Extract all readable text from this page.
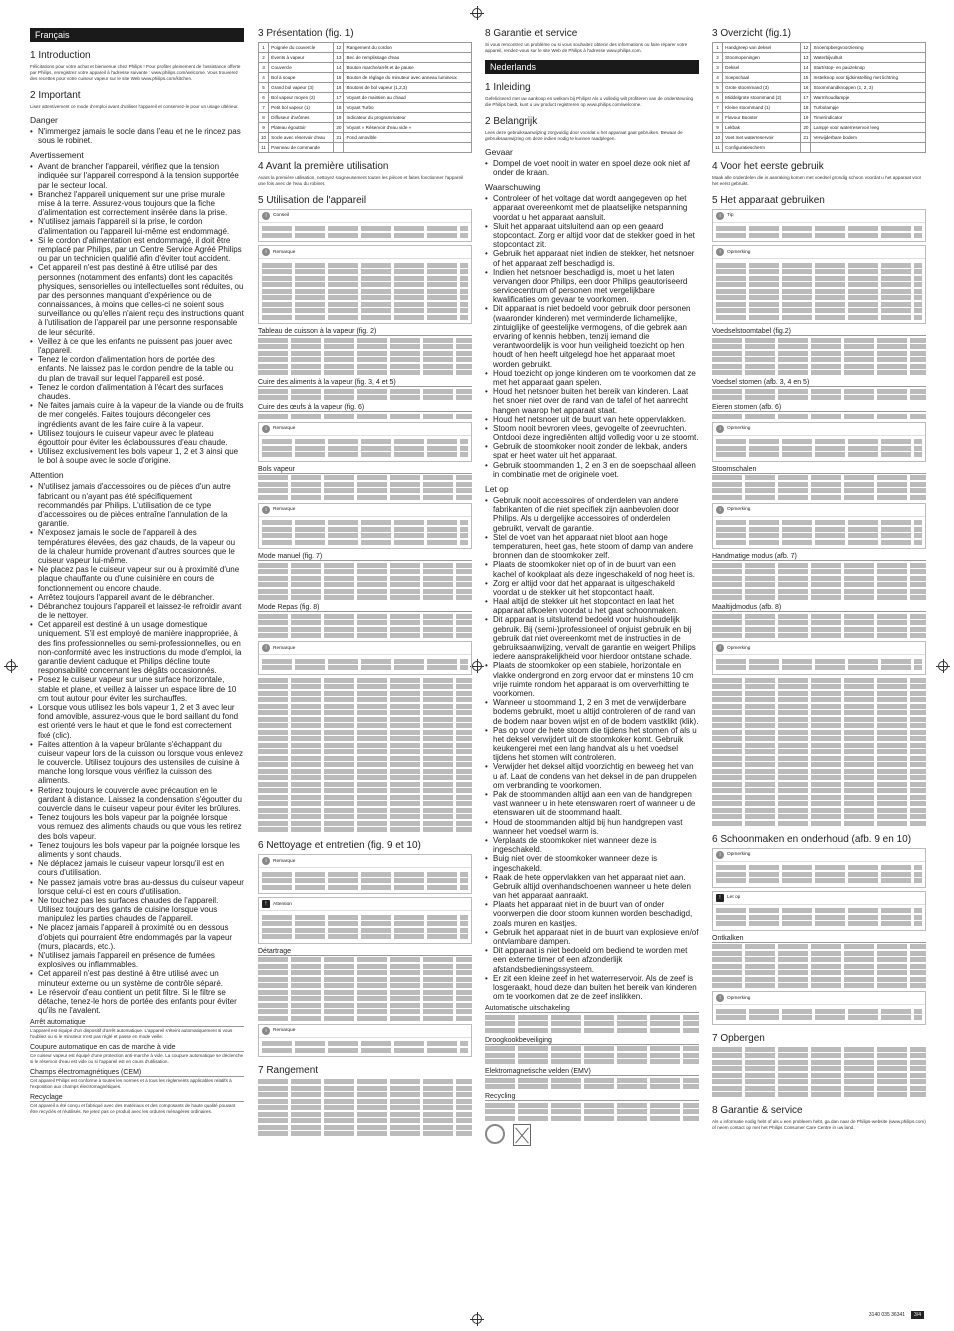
Français
1 Introduction

Félicitations pour votre achat et bienvenue chez Philips ! Pour profiter pleinement de l'assistance offerte par Philips, enregistrez votre appareil à l'adresse suivante : www.philips.com/welcome. Vous trouverez des recettes pour votre cuiseur vapeur sur le site Web www.philips.com/kitchen.

2 Important

Lisez attentivement ce mode d'emploi avant d'utiliser l'appareil et conservez-le pour un usage ultérieur.

Danger
• N'immergez jamais le socle dans l'eau et ne le rincez pas sous le robinet.
Avertissement
• Avant de brancher l'appareil, vérifiez que la tension indiquée sur l'appareil correspond à la tension supportée par le secteur local.
• Branchez l'appareil uniquement sur une prise murale mise à la terre. Assurez-vous toujours que la fiche d'alimentation est correctement insérée dans la prise.
• N'utilisez jamais l'appareil si la prise, le cordon d'alimentation ou l'appareil lui-même est endommagé.
• Si le cordon d'alimentation est endommagé, il doit être remplacé par Philips, par un Centre Service Agréé Philips ou par un technicien qualifié afin d'éviter tout accident.
• Cet appareil n'est pas destiné à être utilisé par des personnes (notamment des enfants) dont les capacités physiques, sensorielles ou intellectuelles sont réduites, ou par des personnes manquant d'expérience ou de connaissances, à moins que celles-ci ne soient sous surveillance ou qu'elles n'aient reçu des instructions quant à l'utilisation de l'appareil par une personne responsable de leur sécurité.
• Veillez à ce que les enfants ne puissent pas jouer avec l'appareil.
• Tenez le cordon d'alimentation hors de portée des enfants. Ne laissez pas le cordon pendre de la table ou du plan de travail sur lequel l'appareil est posé.
• Tenez le cordon d'alimentation à l'écart des surfaces chaudes.
• Ne faites jamais cuire à la vapeur de la viande ou de fruits de mer congelés. Faites toujours décongeler ces ingrédients avant de les faire cuire à la vapeur.
• Utilisez toujours le cuiseur vapeur avec le plateau égouttoir pour éviter les éclaboussures d'eau chaude.
• Utilisez exclusivement les bols vapeur 1, 2 et 3 ainsi que le bol à soupe avec le socle d'origine.
Attention
• N'utilisez jamais d'accessoires ou de pièces d'un autre fabricant ou n'ayant pas été spécifiquement recommandés par Philips. L'utilisation de ce type d'accessoires ou de pièces entraîne l'annulation de la garantie.
• N'exposez jamais le socle de l'appareil à des températures élevées, des gaz chauds, de la vapeur ou de la chaleur humide provenant d'autres sources que le cuiseur vapeur lui-même.
• Ne placez pas le cuiseur vapeur sur ou à proximité d'une plaque chauffante ou d'une cuisinière en cours de fonctionnement ou encore chaude.
• Arrêtez toujours l'appareil avant de le débrancher.
• Débranchez toujours l'appareil et laissez-le refroidir avant de le nettoyer.
• Cet appareil est destiné à un usage domestique uniquement. S'il est employé de manière inappropriée, à des fins professionnelles ou semi-professionnelles, ou en non-conformité avec les instructions du mode d'emploi, la garantie devient caduque et Philips décline toute responsabilité concernant les dégâts occasionnés.
• Posez le cuiseur vapeur sur une surface horizontale, stable et plane, et veillez à laisser un espace libre de 10 cm tout autour pour éviter les surchauffes.
• Lorsque vous utilisez les bols vapeur 1, 2 et 3 avec leur fond amovible, assurez-vous que le bord saillant du fond est orienté vers le haut et que le fond est correctement fixé (clic).
• Faites attention à la vapeur brûlante s'échappant du cuiseur vapeur lors de la cuisson ou lorsque vous enlevez le couvercle. Utilisez toujours des ustensiles de cuisine à manche long lorsque vous vérifiez la cuisson des aliments.
• Retirez toujours le couvercle avec précaution en le gardant à distance. Laissez la condensation s'égoutter du couvercle dans le cuiseur vapeur pour éviter les brûlures.
• Tenez toujours les bols vapeur par la poignée lorsque vous remuez des aliments chauds ou que vous les retirez des bols vapeur.
• Tenez toujours les bols vapeur par la poignée lorsque les aliments y sont chauds.
• Ne déplacez jamais le cuiseur vapeur lorsqu'il est en cours d'utilisation.
• Ne passez jamais votre bras au-dessus du cuiseur vapeur lorsque celui-ci est en cours d'utilisation.
• Ne touchez pas les surfaces chaudes de l'appareil. Utilisez toujours des gants de cuisine lorsque vous manipulez les parties chaudes de l'appareil.
• Ne placez jamais l'appareil à proximité ou en dessous d'objets qui pourraient être endommagés par la vapeur (murs, placards, etc.).
• N'utilisez jamais l'appareil en présence de fumées explosives ou inflammables.
• Cet appareil n'est pas destiné à être utilisé avec un minuteur externe ou un système de contrôle séparé.
• Le réservoir d'eau contient un petit filtre. Si le filtre se détache, tenez-le hors de portée des enfants pour éviter qu'ils ne l'avalent.
Arrêt automatique

L'appareil est équipé d'un dispositif d'arrêt automatique. L'appareil s'éteint automatiquement si vous l'oubliez ou si le minuteur n'est pas réglé et passe en mode veille.

Coupure automatique en cas de marche à vide

Ce cuiseur vapeur est équipé d'une protection anti-marche à vide. La coupure automatique se déclenche si le réservoir d'eau est vide ou si l'appareil est en cours d'utilisation.

Champs électromagnétiques (CEM)

Cet appareil Philips est conforme à toutes les normes et à tous les règlements applicables relatifs à l'exposition aux champs électromagnétiques.

Recyclage

Cet appareil a été conçu et fabriqué avec des matériaux et des composants de haute qualité pouvant être recyclés et réutilisés. Ne jetez pas ce produit avec les ordures ménagères ordinaires.

3 Présentation (fig. 1)
1	Poignée du couvercle	12	Rangement du cordon
2	Évents à vapeur	13	Bec de remplissage d'eau
3	Couvercle	14	Bouton marche/arrêt et de pause
4	Bol à soupe	15	Bouton de réglage du minuteur avec anneau lumineux
5	Grand bol vapeur (3)	16	Boutons de bol vapeur (1,2,3)
6	Bol vapeur moyen (2)	17	Voyant de maintien au chaud
7	Petit bol vapeur (1)	18	Voyant Turbo
8	Diffuseur d'arômes	19	Indicateur du programmateur
9	Plateau égouttoir	20	Voyant « Réservoir d'eau vide »
10	Socle avec réservoir d'eau	21	Fond amovible
11	Panneau de commande		
4 Avant la première utilisation

Avant la première utilisation, nettoyez soigneusement toutes les pièces et faites fonctionner l'appareil une fois avec de l'eau du robinet.

5 Utilisation de l'appareil
i	Conseil
i	Remarque
Tableau de cuisson à la vapeur (fig. 2)
Cuire des aliments à la vapeur (fig. 3, 4 et 5)
Cuire des œufs à la vapeur (fig. 6)
i	Remarque
Bols vapeur
i	Remarque
Mode manuel (fig. 7)
Mode Repas (fig. 8)
i	Remarque
6 Nettoyage et entretien (fig. 9 et 10)
i	Remarque
!	Attention
Détartrage
i	Remarque
7 Rangement
8 Garantie et service

Si vous rencontrez un problème ou si vous souhaitez obtenir des informations ou faire réparer votre appareil, rendez-vous sur le site Web de Philips à l'adresse www.philips.com.

Nederlands
1 Inleiding

Gefeliciteerd met uw aankoop en welkom bij Philips! Als u volledig wilt profiteren van de ondersteuning die Philips biedt, kunt u uw product registreren op www.philips.com/welcome.

2 Belangrijk

Lees deze gebruiksaanwijzing zorgvuldig door voordat u het apparaat gaat gebruiken. Bewaar de gebruiksaanwijzing om deze indien nodig te kunnen raadplegen.

Gevaar
• Dompel de voet nooit in water en spoel deze ook niet af onder de kraan.
Waarschuwing
• Controleer of het voltage dat wordt aangegeven op het apparaat overeenkomt met de plaatselijke netspanning voordat u het apparaat aansluit.
• Sluit het apparaat uitsluitend aan op een geaard stopcontact. Zorg er altijd voor dat de stekker goed in het stopcontact zit.
• Gebruik het apparaat niet indien de stekker, het netsnoer of het apparaat zelf beschadigd is.
• Indien het netsnoer beschadigd is, moet u het laten vervangen door Philips, een door Philips geautoriseerd servicecentrum of personen met vergelijkbare kwalificaties om gevaar te voorkomen.
• Dit apparaat is niet bedoeld voor gebruik door personen (waaronder kinderen) met verminderde lichamelijke, zintuiglijke of geestelijke vermogens, of die gebrek aan ervaring of kennis hebben, tenzij iemand die verantwoordelijk is voor hun veiligheid toezicht op hen houdt of hen heeft uitgelegd hoe het apparaat moet worden gebruikt.
• Houd toezicht op jonge kinderen om te voorkomen dat ze met het apparaat gaan spelen.
• Houd het netsnoer buiten het bereik van kinderen. Laat het snoer niet over de rand van de tafel of het aanrecht hangen waarop het apparaat staat.
• Houd het netsnoer uit de buurt van hete oppervlakken.
• Stoom nooit bevroren vlees, gevogelte of zeevruchten. Ontdooi deze ingrediënten altijd volledig voor u ze stoomt.
• Gebruik de stoomkoker nooit zonder de lekbak, anders spat er heet water uit het apparaat.
• Gebruik stoommanden 1, 2 en 3 en de soepschaal alleen in combinatie met de originele voet.
Let op
• Gebruik nooit accessoires of onderdelen van andere fabrikanten of die niet specifiek zijn aanbevolen door Philips. Als u dergelijke accessoires of onderdelen gebruikt, vervalt de garantie.
• Stel de voet van het apparaat niet bloot aan hoge temperaturen, heet gas, hete stoom of damp van andere bronnen dan de stoomkoker zelf.
• Plaats de stoomkoker niet op of in de buurt van een kachel of kookplaat als deze ingeschakeld of nog heet is.
• Zorg er altijd voor dat het apparaat is uitgeschakeld voordat u de stekker uit het stopcontact haalt.
• Haal altijd de stekker uit het stopcontact en laat het apparaat afkoelen voordat u het gaat schoonmaken.
• Dit apparaat is uitsluitend bedoeld voor huishoudelijk gebruik. Bij (semi-)professioneel of onjuist gebruik en bij gebruik dat niet overeenkomt met de instructies in de gebruiksaanwijzing, vervalt de garantie en weigert Philips iedere aansprakelijkheid voor hierdoor ontstane schade.
• Plaats de stoomkoker op een stabiele, horizontale en vlakke ondergrond en zorg ervoor dat er minstens 10 cm vrije ruimte rondom het apparaat is om oververhitting te voorkomen.
• Wanneer u stoommand 1, 2 en 3 met de verwijderbare bodems gebruikt, moet u altijd controleren of de rand van de bodem naar boven wijst en of de bodem vastklikt (klik).
• Pas op voor de hete stoom die tijdens het stomen of als u het deksel verwijdert uit de stoomkoker komt. Gebruik keukengerei met een lang handvat als u het voedsel tijdens het stomen wilt controleren.
• Verwijder het deksel altijd voorzichtig en beweeg het van u af. Laat de condens van het deksel in de pan druppelen om verbranding te voorkomen.
• Pak de stoommanden altijd aan een van de handgrepen vast wanneer u in hete etenswaren roert of wanneer u de etenswaren uit de stoommand haalt.
• Houd de stoommanden altijd bij hun handgrepen vast wanneer het voedsel warm is.
• Verplaats de stoomkoker niet wanneer deze is ingeschakeld.
• Buig niet over de stoomkoker wanneer deze is ingeschakeld.
• Raak de hete oppervlakken van het apparaat niet aan. Gebruik altijd ovenhandschoenen wanneer u hete delen van het apparaat aanraakt.
• Plaats het apparaat niet in de buurt van of onder voorwerpen die door stoom kunnen worden beschadigd, zoals muren en kastjes.
• Gebruik het apparaat niet in de buurt van explosieve en/of ontvlambare dampen.
• Dit apparaat is niet bedoeld om bediend te worden met een externe timer of een afzonderlijk afstandsbedieningssysteem.
• Er zit een kleine zeef in het waterreservoir. Als de zeef is losgeraakt, houd deze dan buiten het bereik van kinderen om te voorkomen dat ze de zeef inslikken.
Automatische uitschakeling
Droogkookbeveiliging
Elektromagnetische velden (EMV)
Recycling
3 Overzicht (fig.1)
1	Handgreep van deksel	12	Snoeropbergvoorziening
2	Stoomopeningen	13	Waterbijvultuit
3	Deksel	14	Start/stop- en pauzeknop
4	Soepschaal	15	Instelknop voor tijdsinstelling met lichtring
5	Grote stoommand (3)	16	Stoommandknoppen (1, 2, 3)
6	Middelgrote stoommand (2)	17	Warmhoudlampje
7	Kleine stoommand (1)	18	Turbolampje
8	Flavour Booster	19	Timerindicator
9	Lekbak	20	Lampje voor waterreservoir leeg
10	Voet met waterreservoir	21	Verwijderbare bodem
11	Configuratiescherm		
4 Voor het eerste gebruik

Maak alle onderdelen die in aanraking komen met voedsel grondig schoon voordat u het apparaat voor het eerst gebruikt.

5 Het apparaat gebruiken
i	Tip
i	Opmerking
Voedselstoomtabel (fig.2)
Voedsel stomen (afb. 3, 4 en 5)
Eieren stomen (afb. 6)
i	Opmerking
Stoomschalen
i	Opmerking
Handmatige modus (afb. 7)
Maaltijdmodus (afb. 8)
i	Opmerking
6 Schoonmaken en onderhoud (afb. 9 en 10)
i	Opmerking
!	Let op
Ontkalken
i	Opmerking
7 Opbergen
8 Garantie & service

Als u informatie nodig hebt of als u een probleem hebt, ga dan naar de Philips-website (www.philips.com) of neem contact op met het Philips Consumer Care Centre in uw land.

3140 035 36341	3/4
